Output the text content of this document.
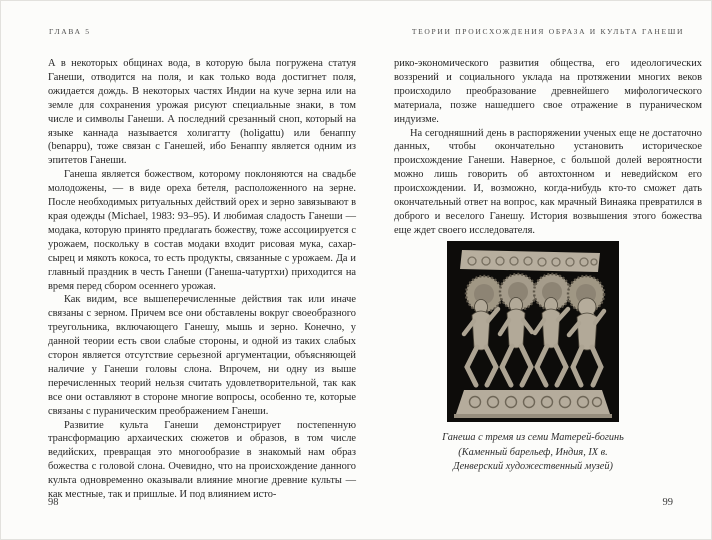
ГЛАВА 5

А в некоторых общинах вода, в которую была погружена статуя Ганеши, отводится на поля, и как только вода достигнет поля, ожидается дождь. В некоторых частях Индии на куче зерна или на земле для сохранения урожая рисуют специальные знаки, в том числе и символы Ганеши. А последний срезанный сноп, который на языке каннада называется холигатту (holigattu) или бенаппу (benappu), тоже связан с Ганешей, ибо Бенаппу является одним из эпитетов Ганеши.

Ганеша является божеством, которому поклоняются на свадьбе молодожены, — в виде ореха бетеля, расположенного на зерне. После необходимых ритуальных действий орех и зерно завязывают в края одежды (Michael, 1983: 93–95). И любимая сладость Ганеши — модака, которую принято предлагать божеству, тоже ассоциируется с урожаем, поскольку в состав модаки входит рисовая мука, сахар-сырец и мякоть кокоса, то есть продукты, связанные с урожаем. Да и главный праздник в честь Ганеши (Ганеша-чатуртхи) приходится на время перед сбором осеннего урожая.

Как видим, все вышеперечисленные действия так или иначе связаны с зерном. Причем все они обставлены вокруг своеобразного треугольника, включающего Ганешу, мышь и зерно. Конечно, у данной теории есть свои слабые стороны, и одной из таких слабых сторон является отсутствие серьезной аргументации, объясняющей наличие у Ганеши головы слона. Впрочем, ни одну из выше перечисленных теорий нельзя считать удовлетворительной, так как все они оставляют в стороне многие вопросы, особенно те, которые связаны с пураническим преображением Ганеши.

Развитие культа Ганеши демонстрирует постепенную трансформацию архаических сюжетов и образов, в том числе ведийских, превращая это многообразие в знакомый нам образ божества с головой слона. Очевидно, что на происхождение данного культа одновременно оказывали влияние многие древние культы — как местные, так и пришлые. И под влиянием исто-

98
ТЕОРИИ ПРОИСХОЖДЕНИЯ ОБРАЗА И КУЛЬТА ГАНЕШИ

рико-экономического развития общества, его идеологических воззрений и социального уклада на протяжении многих веков происходило преобразование древнейшего мифологического материала, позже нашедшего свое отражение в пураническом индуизме.

На сегодняшний день в распоряжении ученых еще не достаточно данных, чтобы окончательно установить историческое происхождение Ганеши. Наверное, с большой долей вероятности можно лишь говорить об автохтонном и неведийском его происхождении. И, возможно, когда-нибудь кто-то сможет дать окончательный ответ на вопрос, как мрачный Винаяка превратился в доброго и веселого Ганешу. История возвышения этого божества еще ждет своего исследователя.

Ганеша с тремя из семи Матерей-богинь
(Каменный барельеф, Индия, IX в.
Денверский художественный музей)
99
